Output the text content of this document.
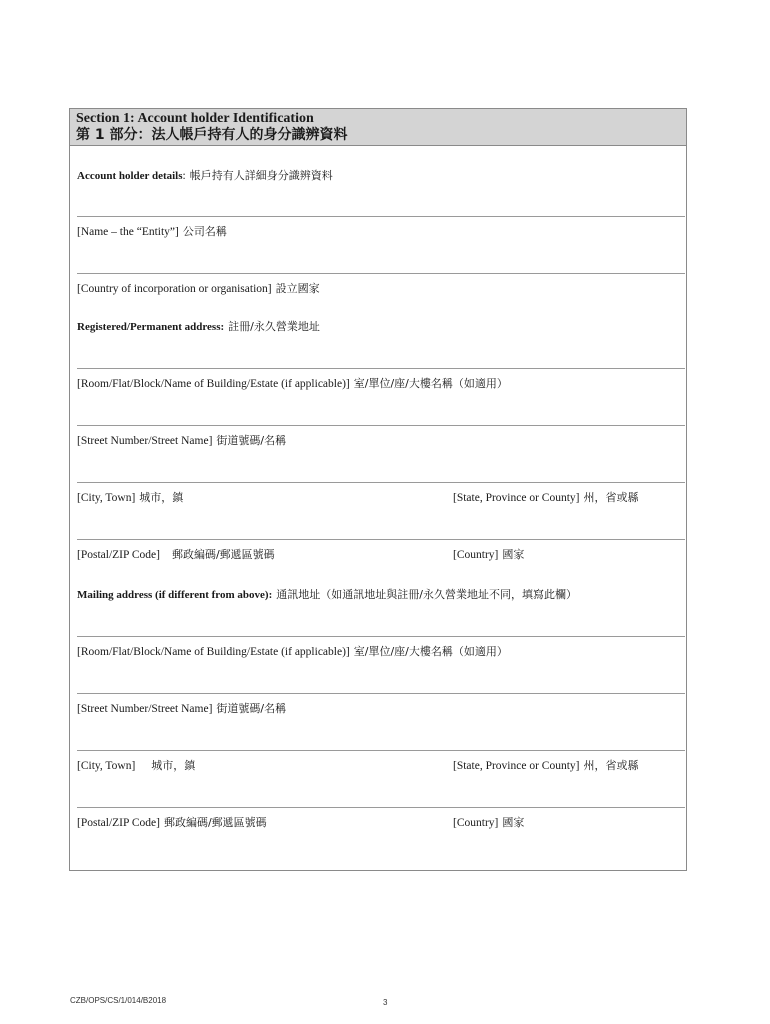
Section 1: Account holder Identification
第 1 部分：法人帳戶持有人的身分識辨資料
Account holder details: 帳戶持有人詳細身分識辨資料
[Name – the “Entity”] 公司名稱
[Country of incorporation or organisation] 設立國家
Registered/Permanent address: 註冊/永久營業地址
[Room/Flat/Block/Name of Building/Estate (if applicable)] 室/單位/座/大樓名稱（如適用）
[Street Number/Street Name] 街道號碼/名稱
[City, Town] 城市，鎮	[State, Province or County] 州，省或縣
[Postal/ZIP Code] 郵政編碼/郵遞區號碼	[Country] 國家
Mailing address (if different from above): 通訊地址（如通訊地址與註冊/永久營業地址不同，填寫此欄）
[Room/Flat/Block/Name of Building/Estate (if applicable)] 室/單位/座/大樓名稱（如適用）
[Street Number/Street Name] 街道號碼/名稱
[City, Town] 城市，鎮	[State, Province or County] 州，省或縣
[Postal/ZIP Code] 郵政編碼/郵遞區號碼	[Country] 國家
CZB/OPS/CS/1/014/B2018	3
